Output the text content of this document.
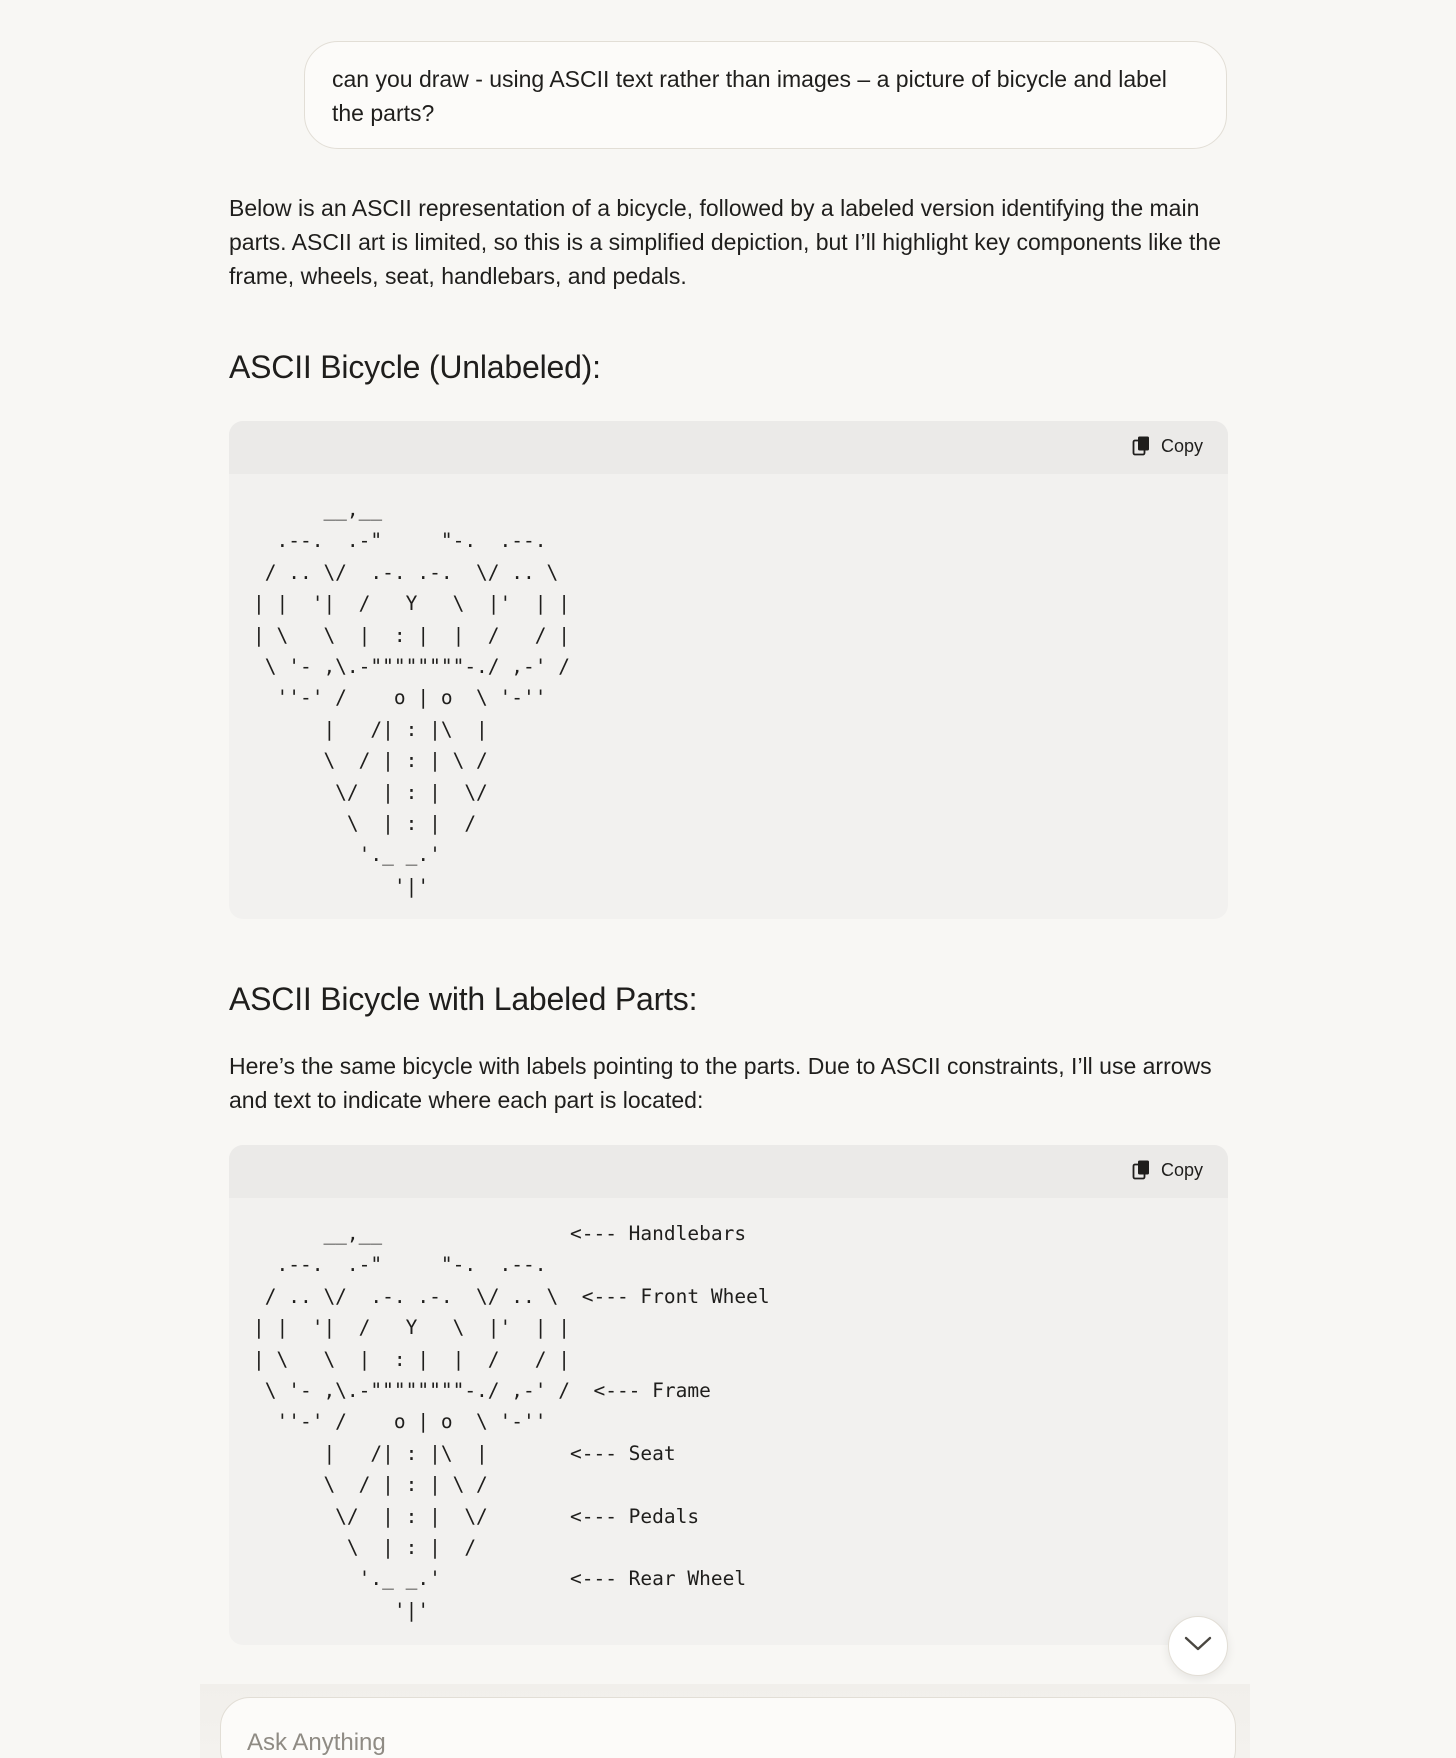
can you draw - using ASCII text rather than images – a picture of bicycle and label the parts?

Below is an ASCII representation of a bicycle, followed by a labeled version identifying the main parts. ASCII art is limited, so this is a simplified depiction, but I’ll highlight key components like the frame, wheels, seat, handlebars, and pedals.

ASCII Bicycle (Unlabeled):
Copy
__,__
.--.  .-"     "-.  .--.
/ .. \/  .-. .-.  \/ .. \
| |  '|  /   Y   \  |'  | |
| \   \  |  : |  |  /   / |
\ '- ,\.-""""""""-./ ,-' /
''-' /    o | o  \ '-''
|   /| : |\  |
\  / | : | \ /
\/  | : |  \/
\  | : |  /
'._ _.'
'|'
ASCII Bicycle with Labeled Parts:

Here’s the same bicycle with labels pointing to the parts. Due to ASCII constraints, I’ll use arrows and text to indicate where each part is located:

Copy
__,__                <--- Handlebars
.--.  .-"     "-.  .--.
/ .. \/  .-. .-.  \/ .. \  <--- Front Wheel
| |  '|  /   Y   \  |'  | |
| \   \  |  : |  |  /   / |
\ '- ,\.-""""""""-./ ,-' /  <--- Frame
''-' /    o | o  \ '-''
|   /| : |\  |       <--- Seat
\  / | : | \ /
\/  | : |  \/       <--- Pedals
\  | : |  /
'._ _.'           <--- Rear Wheel
'|'
Ask Anything
